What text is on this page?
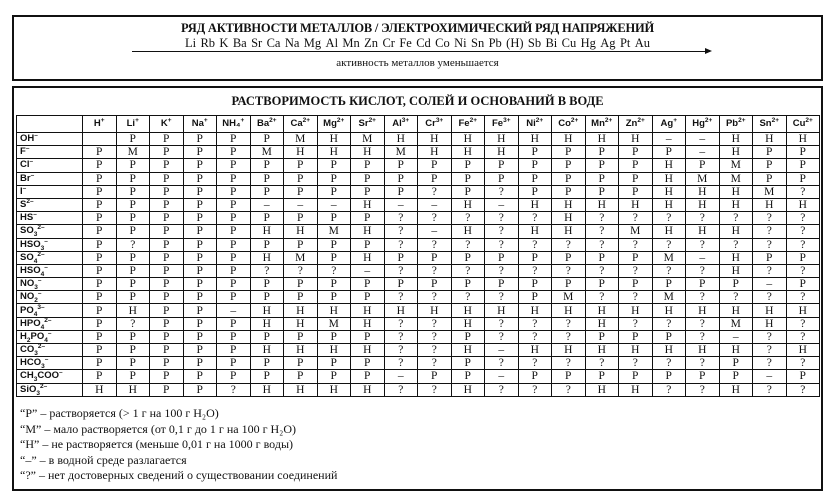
РЯД АКТИВНОСТИ МЕТАЛЛОВ / ЭЛЕКТРОХИМИЧЕСКИЙ РЯД НАПРЯЖЕНИЙ
Li Rb K Ba Sr Ca Na Mg Al Mn Zn Cr Fe Cd Co Ni Sn Pb (H) Sb Bi Cu Hg Ag Pt Au
активность металлов уменьшается
РАСТВОРИМОСТЬ КИСЛОТ, СОЛЕЙ И ОСНОВАНИЙ В ВОДЕ
	H+	Li+	K+	Na+	NH₄+	$Ba^{2+}$	$Ca^{2+}$	$Mg^{2+}$	$Sr^{2+}$	$Al^{3+}$	$Cr^{3+}$	$Fe^{2+}$	$Fe^{3+}$	$Ni^{2+}$	$Co^{2+}$	$Mn^{2+}$	$Zn^{2+}$	Ag+	$Hg^{2+}$	$Pb^{2+}$	$Sn^{2+}$	$Cu^{2+}$
OH–		Р	Р	Р	Р	Р	М	Н	М	Н	Н	Н	Н	Н	Н	Н	Н	–	–	Н	Н	Н
F–	Р	М	Р	Р	Р	М	Н	Н	Н	М	Н	Н	Н	Р	Р	Р	Р	Р	–	Н	Р	Р
Cl–	Р	Р	Р	Р	Р	Р	Р	Р	Р	Р	Р	Р	Р	Р	Р	Р	Р	Н	Р	М	Р	Р
Br–	Р	Р	Р	Р	Р	Р	Р	Р	Р	Р	Р	Р	Р	Р	Р	Р	Р	Н	М	М	Р	Р
I–	Р	Р	Р	Р	Р	Р	Р	Р	Р	Р	?	Р	?	Р	Р	Р	Р	Н	Н	Н	М	?
$S^{2-}$	Р	Р	Р	Р	Р	–	–	–	Н	–	–	Н	–	Н	Н	Н	Н	Н	Н	Н	Н	Н
HS–	Р	Р	Р	Р	Р	Р	Р	Р	Р	?	?	?	?	?	Н	?	?	?	?	?	?	?
$SO_3^{2-}$	Р	Р	Р	Р	Р	Н	Н	М	Н	?	–	Н	?	Н	Н	?	М	Н	Н	Н	?	?
$HSO_3^-$	Р	?	Р	Р	Р	Р	Р	Р	Р	?	?	?	?	?	?	?	?	?	?	?	?	?
$SO_4^{2-}$	Р	Р	Р	Р	Р	Н	М	Р	Н	Р	Р	Р	Р	Р	Р	Р	Р	М	–	Н	Р	Р
$HSO_4^-$	Р	Р	Р	Р	Р	?	?	?	–	?	?	?	?	?	?	?	?	?	?	Н	?	?
$NO_3^-$	Р	Р	Р	Р	Р	Р	Р	Р	Р	Р	Р	Р	Р	Р	Р	Р	Р	Р	Р	Р	–	Р
$NO_2^-$	Р	Р	Р	Р	Р	Р	Р	Р	Р	?	?	?	?	Р	М	?	?	М	?	?	?	?
$PO_4^{3-}$	Р	Н	Р	Р	–	Н	Н	Н	Н	Н	Н	Н	Н	Н	Н	Н	Н	Н	Н	Н	Н	Н
$HPO_4^{2-}$	Р	?	Р	Р	Р	Н	Н	М	Н	?	?	Н	?	?	?	Н	?	?	?	М	Н	?
$H_2PO_4^-$	Р	Р	Р	Р	Р	Р	Р	Р	Р	?	?	Р	?	?	?	Р	Р	Р	?	–	?	?
$CO_3^{2-}$	Р	Р	Р	Р	Р	Н	Н	Н	Н	?	?	Н	–	Н	Н	Н	Н	Н	Н	Н	?	Н
$HCO_3^-$	Р	Р	Р	Р	Р	Р	Р	Р	Р	?	?	Р	?	?	?	?	?	?	?	Р	?	?
$CH_3COO^-$	Р	Р	Р	Р	Р	Р	Р	Р	Р	–	Р	Р	–	Р	Р	Р	Р	Р	Р	Р	–	Р
SiO$_3^{2-}$	Н	Н	Р	Р	?	Н	Н	Н	Н	?	?	Н	?	?	?	Н	Н	?	?	Н	?	?
“Р” – растворяется (> 1 г на 100 г H₂O)
“М” – мало растворяется (от 0,1 г до 1 г на 100 г H₂O)
“Н” – не растворяется (меньше 0,01 г на 1000 г воды)
“–” – в водной среде разлагается
“?” – нет достоверных сведений о существовании соединений
